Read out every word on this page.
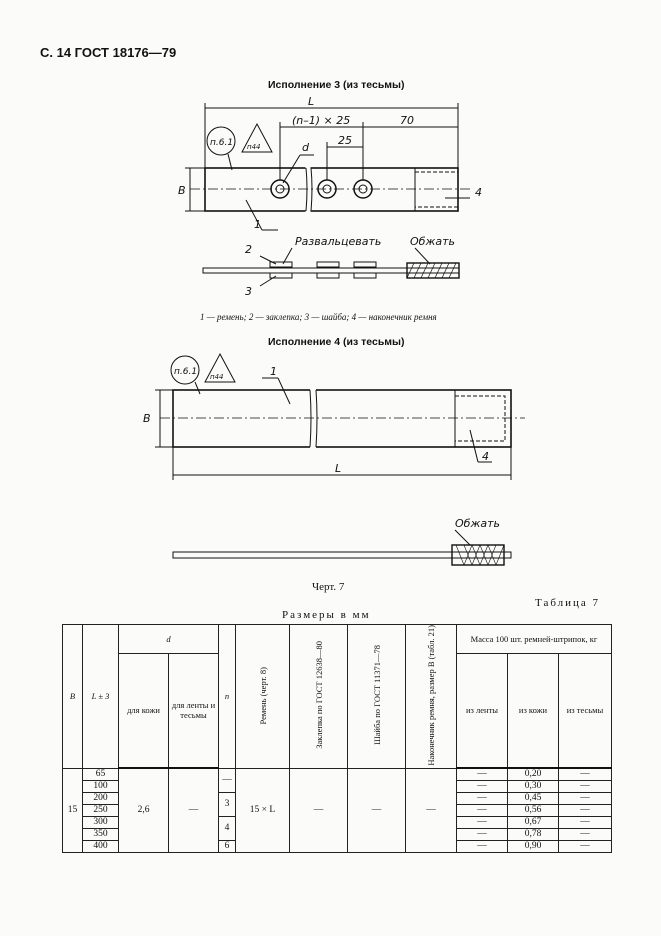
С. 14 ГОСТ 18176—79
Исполнение 3 (из тесьмы)
L
(n–1) × 25	70
25
d
B
п.6.1 п44
1
2
3
4
Развальцевать	Обжать
1 — ремень; 2 — заклепка; 3 — шайба; 4 — наконечник ремня
Исполнение 4 (из тесьмы)
B
L
п.6.1 п44	1
4
Обжать
Черт. 7
Таблица 7
Размеры в мм
B	L ± 3	d		n	Ремень (черт. 8)	Заклепка по ГОСТ 12638—80	Шайба по ГОСТ 11371—78	Наконечник ремня, размер B (табл. 21)	Масса 100 шт. ремней-штрипок, кг		
		для кожи	для ленты и тесьмы						из ленты	из кожи	из тесьмы
15	65	2,6	—	—	15 × L	—	—	—	—	0,20	—
	100								—	0,30	—
	200			3					—	0,45	—
	250								—	0,56	—
	300			4					—	0,67	—
	350								—	0,78	—
	400			6					—	0,90	—
